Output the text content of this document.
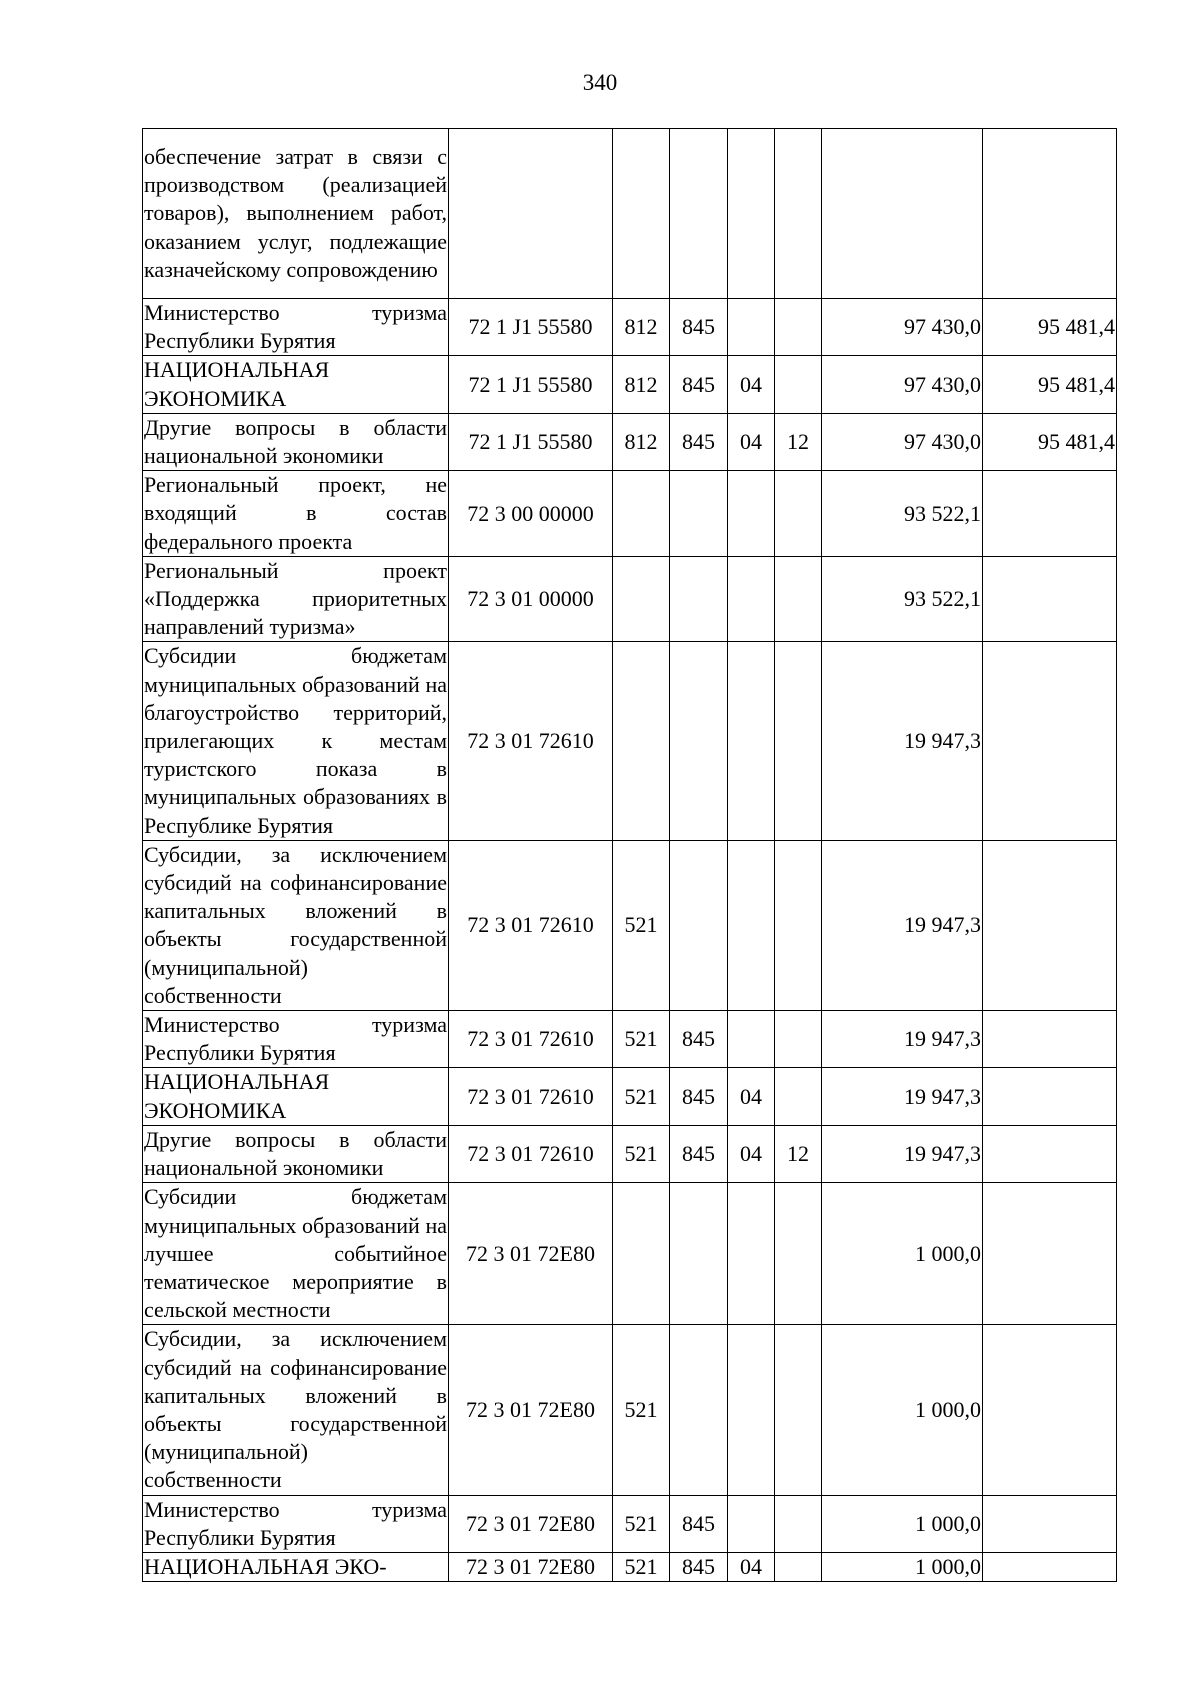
340
обеспечение затрат в связи с производством (реализацией товаров), выполнением работ, оказанием услуг, подлежащие казначейскому сопровождению							
Министерство туризма Республики Бурятия	72 1 J1 55580	812	845			97 430,0	95 481,4
НАЦИОНАЛЬНАЯ ЭКОНОМИКА	72 1 J1 55580	812	845	04		97 430,0	95 481,4
Другие вопросы в области национальной экономики	72 1 J1 55580	812	845	04	12	97 430,0	95 481,4
Региональный проект, не входящий в состав федерального проекта	72 3 00 00000					93 522,1	
Региональный проект «Поддержка приоритетных направлений туризма»	72 3 01 00000					93 522,1	
Субсидии бюджетам муниципальных образований на благоустройство территорий, прилегающих к местам туристского показа в муниципальных образованиях в Республике Бурятия	72 3 01 72610					19 947,3	
Субсидии, за исключением субсидий на софинансирование капитальных вложений в объекты государственной (муниципальной) собственности	72 3 01 72610	521				19 947,3	
Министерство туризма Республики Бурятия	72 3 01 72610	521	845			19 947,3	
НАЦИОНАЛЬНАЯ ЭКОНОМИКА	72 3 01 72610	521	845	04		19 947,3	
Другие вопросы в области национальной экономики	72 3 01 72610	521	845	04	12	19 947,3	
Субсидии бюджетам муниципальных образований на лучшее событийное тематическое мероприятие в сельской местности	72 3 01 72Е80					1 000,0	
Субсидии, за исключением субсидий на софинансирование капитальных вложений в объекты государственной (муниципальной) собственности	72 3 01 72Е80	521				1 000,0	
Министерство туризма Республики Бурятия	72 3 01 72Е80	521	845			1 000,0	
НАЦИОНАЛЬНАЯ ЭКО-	72 3 01 72Е80	521	845	04		1 000,0	
